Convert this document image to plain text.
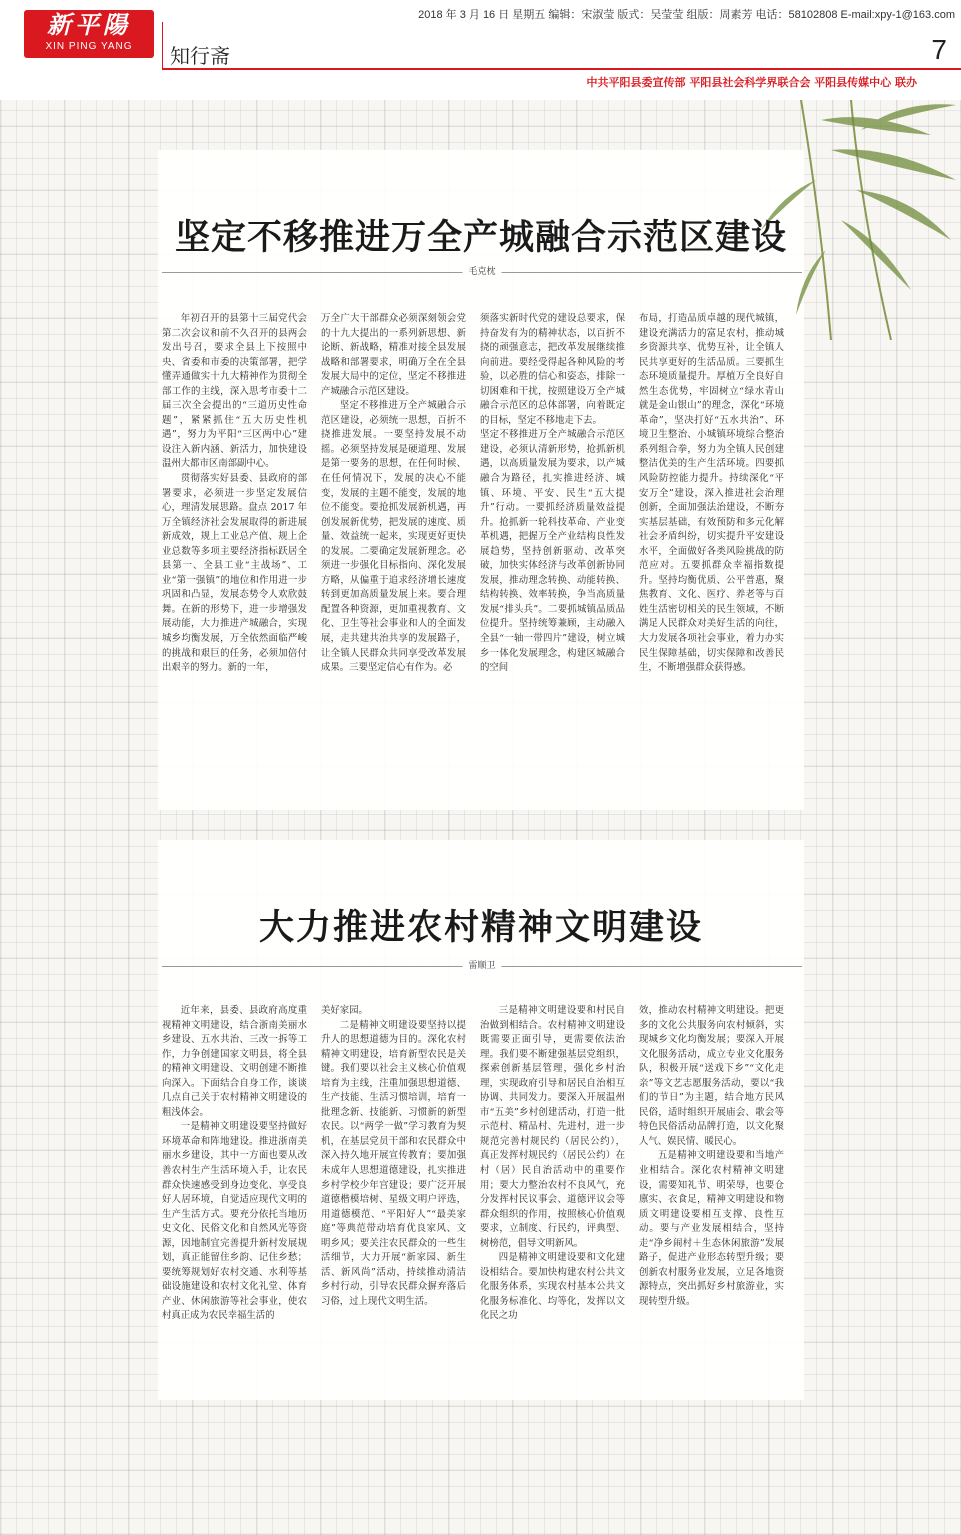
新平陽
XIN PING YANG
2018 年 3 月 16 日 星期五 编辑：宋淑莹 版式：吴莹莹 组版：周素芳 电话：58102808 E-mail:xpy-1@163.com
知行斋	7
中共平阳县委宣传部 平阳县社会科学界联合会 平阳县传媒中心 联办
坚定不移推进万全产城融合示范区建设
毛克枕

年初召开的县第十三届党代会第二次会议和前不久召开的县两会发出号召，要求全县上下按照中央、省委和市委的决策部署，把学懂弄通做实十九大精神作为贯彻全部工作的主线，深入思考市委十二届三次全会提出的“三道历史性命题”，紧紧抓住“五大历史性机遇”，努力为平阳“三区两中心”建设注入新内涵、新活力，加快建设温州大都市区南部副中心。

贯彻落实好县委、县政府的部署要求，必须进一步坚定发展信心，理清发展思路。盘点 2017 年万全镇经济社会发展取得的新进展新成效，规上工业总产值、规上企业总数等多项主要经济指标跃居全县第一、全县工业“主战场”、工业“第一强镇”的地位和作用进一步巩固和凸显，发展态势令人欢欣鼓舞。在新的形势下，进一步增强发展动能，大力推进产城融合，实现城乡均衡发展，万全依然面临严峻的挑战和艰巨的任务，必须加倍付出艰辛的努力。新的一年，

万全广大干部群众必须深刻领会党的十九大提出的一系列新思想、新论断、新战略，精准对接全县发展战略和部署要求，明确万全在全县发展大局中的定位，坚定不移推进产城融合示范区建设。

坚定不移推进万全产城融合示范区建设，必须统一思想，百折不挠推进发展。一要坚持发展不动摇。必须坚持发展是硬道理、发展是第一要务的思想，在任何时候、在任何情况下，发展的决心不能变，发展的主题不能变，发展的地位不能变。要抢抓发展新机遇，再创发展新优势，把发展的速度、质量、效益统一起来，实现更好更快的发展。二要确定发展新理念。必须进一步强化目标指向、深化发展方略，从偏重于追求经济增长速度转到更加高质量发展上来。要合理配置各种资源，更加重视教育、文化、卫生等社会事业和人的全面发展，走共建共治共享的发展路子，让全镇人民群众共同享受改革发展成果。三要坚定信心有作为。必

须落实新时代党的建设总要求，保持奋发有为的精神状态，以百折不挠的顽强意志，把改革发展继续推向前进。要经受得起各种风险的考验，以必胜的信心和姿态，排除一切困难和干扰，按照建设万全产城融合示范区的总体部署，向着既定的目标，坚定不移地走下去。

坚定不移推进万全产城融合示范区建设，必须认清新形势，抢抓新机遇，以高质量发展为要求，以产城融合为路径，扎实推进经济、城镇、环境、平安、民生“五大提升”行动。一要抓经济质量效益提升。抢抓新一轮科技革命、产业变革机遇，把握万全产业结构良性发展趋势，坚持创新驱动、改革突破，加快实体经济与改革创新协同发展，推动理念转换、动能转换、结构转换、效率转换，争当高质量发展“排头兵”。二要抓城镇品质品位提升。坚持统筹兼顾，主动融入全县“一轴一带四片”建设，树立城乡一体化发展理念，构建区城融合的空间

布局，打造品质卓越的现代城镇，建设充满活力的富足农村，推动城乡资源共享、优势互补，让全镇人民共享更好的生活品质。三要抓生态环境质量提升。厚植万全良好自然生态优势，牢固树立“绿水青山就是金山银山”的理念，深化“环境革命”，坚决打好“五水共治”、环境卫生整治、小城镇环境综合整治系列组合拳，努力为全镇人民创建整洁优美的生产生活环境。四要抓风险防控能力提升。持续深化“平安万全”建设，深入推进社会治理创新，全面加强法治建设，不断夯实基层基础，有效预防和多元化解社会矛盾纠纷，切实提升平安建设水平，全面做好各类风险挑战的防范应对。五要抓群众幸福指数提升。坚持均衡优质、公平普惠，聚焦教育、文化、医疗、养老等与百姓生活密切相关的民生领域，不断满足人民群众对美好生活的向往，大力发展各项社会事业，着力办实民生保障基础，切实保障和改善民生，不断增强群众获得感。

大力推进农村精神文明建设
雷顺卫

近年来，县委、县政府高度重视精神文明建设，结合浙南美丽水乡建设、五水共治、三改一拆等工作，力争创建国家文明县，将全县的精神文明建设、文明创建不断推向深入。下面结合自身工作，谈谈几点自己关于农村精神文明建设的粗浅体会。

一是精神文明建设要坚持做好环境革命和阵地建设。推进浙南美丽水乡建设，其中一方面也要从改善农村生产生活环境入手，让农民群众快速感受到身边变化、享受良好人居环境，自觉适应现代文明的生产生活方式。要充分依托当地历史文化、民俗文化和自然风光等资源，因地制宜完善提升新村发展规划，真正能留住乡韵、记住乡愁；要统筹规划好农村交通、水利等基础设施建设和农村文化礼堂、体育产业、休闲旅游等社会事业，使农村真正成为农民幸福生活的

美好家园。

二是精神文明建设要坚持以提升人的思想道德为目的。深化农村精神文明建设，培育新型农民是关键。我们要以社会主义核心价值观培育为主线，注重加强思想道德、生产技能、生活习惯培训，培育一批理念新、技能新、习惯新的新型农民。以“两学一做”学习教育为契机，在基层党员干部和农民群众中深入持久地开展宣传教育；要加强未成年人思想道德建设，扎实推进乡村学校少年宫建设；要广泛开展道德楷模培树、星级文明户评选，用道德模范、“平阳好人”“最美家庭”等典范带动培育优良家风、文明乡风；要关注农民群众的一些生活细节，大力开展“新家园、新生活、新风尚”活动，持续推动清洁乡村行动，引导农民群众摒弃落后习俗，过上现代文明生活。

三是精神文明建设要和村民自治做到相结合。农村精神文明建设既需要正面引导，更需要依法治理。我们要不断建强基层党组织，探索创新基层管理，强化乡村治理，实现政府引导和居民自治相互协调、共同发力。要深入开展温州市“五美”乡村创建活动，打造一批示范村、精品村、先进村，进一步规范完善村规民约（居民公约），真正发挥村规民约（居民公约）在村（居）民自治活动中的重要作用；要大力整治农村不良风气，充分发挥村民议事会、道德评议会等群众组织的作用，按照核心价值观要求，立制度、行民约，评典型、树榜范，倡导文明新风。

四是精神文明建设要和文化建设相结合。要加快构建农村公共文化服务体系，实现农村基本公共文化服务标准化、均等化，发挥以文化民之功

效，推动农村精神文明建设。把更多的文化公共服务向农村倾斜，实现城乡文化均衡发展；要深入开展文化服务活动，成立专业文化服务队，积极开展“送戏下乡”“文化走亲”等文艺志愿服务活动，要以“我们的节日”为主题，结合地方民风民俗，适时组织开展庙会、歌会等特色民俗活动品牌打造，以文化聚人气、娱民情、暖民心。

五是精神文明建设要和当地产业相结合。深化农村精神文明建设，需要知礼节、明荣辱，也要仓廪实、衣食足，精神文明建设和物质文明建设要相互支撑、良性互动。要与产业发展相结合，坚持走“净乡闹村＋生态休闲旅游”发展路子，促进产业形态转型升级；要创新农村服务业发展，立足各地资源特点，突出抓好乡村旅游业，实现转型升级。
